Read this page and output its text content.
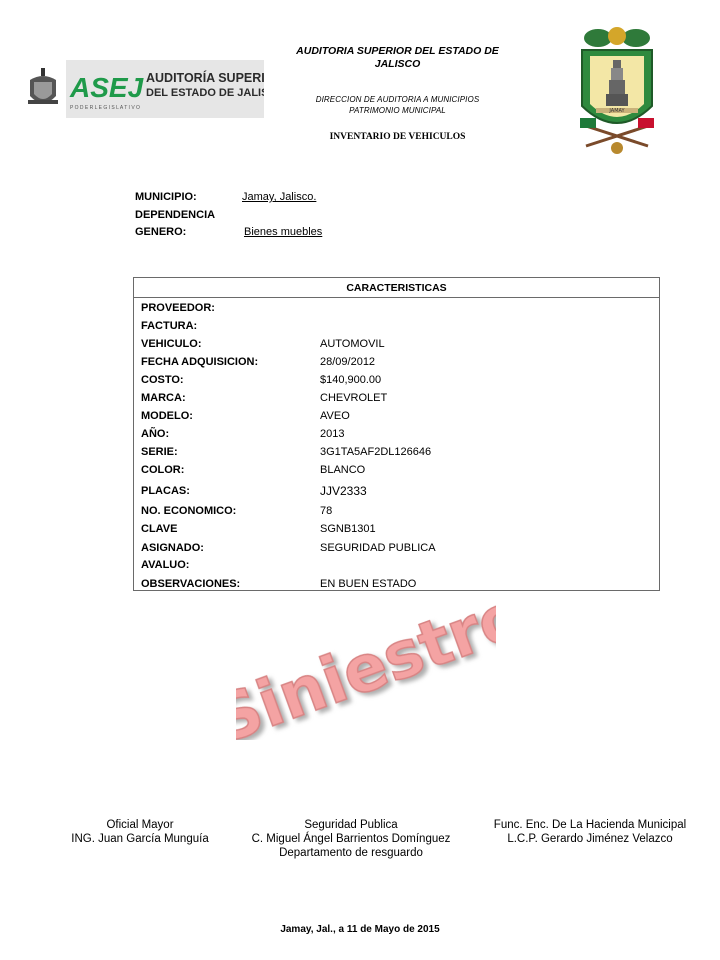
ASEJ AUDITORÍA SUPERI
DEL ESTADO DE JALI
P O D E R L E G I S L A T I V O
AUDITORIA SUPERIOR DEL ESTADO DE
JALISCO
DIRECCION DE AUDITORIA A MUNICIPIOS
PATRIMONIO MUNICIPAL
INVENTARIO DE VEHICULOS
JAMAY
MUNICIPIO:	Jamay, Jalisco.
DEPENDENCIA
GENERO:	Bienes muebles
CARACTERISTICAS
PROVEEDOR:
FACTURA:
VEHICULO:	AUTOMOVIL
FECHA ADQUISICION:	28/09/2012
COSTO:	$140,900.00
MARCA:	CHEVROLET
MODELO:	AVEO
AÑO:	2013
SERIE:	3G1TA5AF2DL126646
COLOR:	BLANCO
PLACAS:	JJV2333
NO. ECONOMICO:	78
CLAVE	SGNB1301
ASIGNADO:	SEGURIDAD PUBLICA
AVALUO:
OBSERVACIONES:	EN BUEN ESTADO
Siniestro
Oficial Mayor
ING. Juan García Munguía
Seguridad Publica
C. Miguel Ángel Barrientos Domínguez
Departamento de resguardo
Func. Enc. De La Hacienda Municipal
L.C.P. Gerardo Jiménez Velazco
Jamay, Jal., a 11 de Mayo de 2015
